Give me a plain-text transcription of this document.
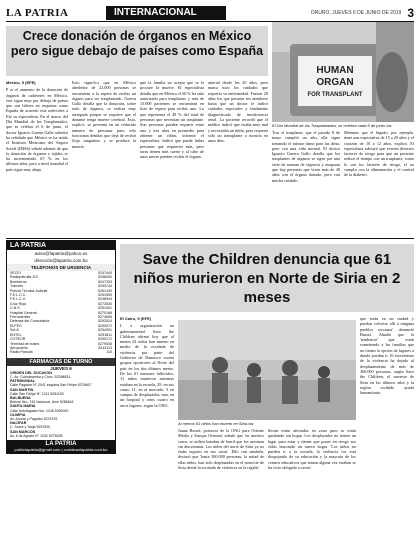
LA PATRIA	INTERNACIONAL	ORURO, JUEVES 6 DE JUNIO DE 2019 3
Crece donación de órganos en México pero sigue debajo de países como España
HUMAN
ORGAN
FOR TRANSPLANT
El Día Mundial de los Trasplantados, se celebra cada 6 de junio./xa
México, 5 (EFE)
P or el aumento de la donación de órganos de cadáveres en México, este signo muy por debajo de países que son líderes en esquema como España de acuerdo este miércoles a Efe su especialista. En el marco del Día Mundial de los Trasplantados, que se celebra el 6 de junio, el doctor Ignacio Guerra Gallo sabedor ha señalado que México se ha unido el Instituto Mexicano del Seguro Social (IMSS) señaló además de que la donación de órganos y tejidos se ha incrementado 67 % en los últimos años, pero a nivel mundial el país sigue muy abajo.
Esto significa que en México alrededor de 22.000 personas se encuentran a la espera de recibir un órgano para ser trasplantado. Guerra Gallo detalla que la donación, sobre todo de órganos, se realiza muy arraigada porque se requiere que el donante tenga muerte cerebral. Esto, explicó, se presenta en un reducido número de personas pues sólo funcionan debidas que deja de recibir flujo sanguíneo y se produce la muerte.
que la familia no acepta que se le procure la muerte. El especialista detalla que en México el 60 % ha sido autorizado para trasplantes y más de 15.000 pacientes se encuentran en lista de espera para recibir uno. Lo que representa el 49 % del total de personas que necesitan un trasplante. Son personas pueden requerir entre uno y tres años en promedio para obtener un riñón, informó el especialista. Indicó que puede haber personas que requieren más, pero otras tienen más suerte y al cabo de unos meses pueden recibir el órgano.
arterial desde los 20 años, pero nunca tuvo los cuidados que requería su enfermedad. Fueron 20 años los que pasaron sin atenderse hasta que un doctor le indicó cuidados especiales y finalmente diagnosticado de insuficiencia renal. La paciente recordó que el médico indicó que estaba muy mal y necesitaba un riñón, pero requería sólo un transplante o moriría en unos días.
Tras el trasplante, que el pasado 8 de mayo cumplió un año, ella sigue tomando el mismo ritmo para las dieta, pero con una vida normal. El doctor Ignacio Guerra Gallo detalla que los trasplantes de órganos se rigen por una serie de normas de vigencia y aseguran que hay personas que viven más de 40 años con el órgano donado, pero con mucha cuidado.
Mientras que el hígado, por ejemplo, tiene una expectativa de 15 a 20 años y el corazón de 10 a 12 años, explicó. El especialista subrayó que existen diversos factores de riesgo para que un paciente reduce el tiempo con un trasplante, como lo son los factores de riesgo, el no cumplir con la alimentación y el control de la diabetes.
LA PATRIA
aviso@lapatria@yahoo.es
dirección@lapatria.com.bo
TELÉFONOS DE URGENCIA
SECEI	5247444
Radiopatrulla 110	5258000
Bomberos	5247333
Tránsito	5253744
Policía Técnica Judicial	5261430
F.E.L.C.C.	5251590
F.E.L.C.V.	5248944
Cruz Roja	5273030
C.N.S.	5251001
Hospital General	5270166
Ferrocarriles	5274605
Defensa del Consumidor	5252524
ELFEO	5250072
SeLA	5254051
ENTEL	5251811
COTEOR	5250172
Terminal de buses	5279535
Aeropuerto	5243113
Radio Patrulla	110
FARMACIAS DE TURNO
JUEVES 6
VIRGEN DEL SOCAVON
C. Av. Cochabamba y Conc. 52398831
PATRIMONIAL
Calle Pagador N° 2041 esquina San Felipe 5276667
SAN MARTIN
Calle San Felipe N° 1241 5251190
BALBUENA
Bolívar Nro. 745 Nacional, Arce 5286616
SANTA MARIA
Calle Antofagasta Nro. 1245 5250090
OLIMPIA
Av. Aroma y Pagador 5237429
NACIFAR
C. Sucre y Tarija 5257820
SAN MARCOS
Av. 6 de Agosto N° 1032 5275528
LA PATRIA
publiclapatria@gmail.com | contabanlapatria.com.bo
Save the Children denuncia que 61 niños murieron en Norte de Siria en 2 meses
El Cairo, 5 (EFE)
L a organización no gubernamental Save the Children afirmó hoy que al menos 61 niños han muerto en medio de la escalada de violencia por parte del Gobierno de Damasco contra grupos opositores al Norte del país en los dos últimos meses. De los 61 menores fallecidos, 11 niños murieron mientras estaban en la escuela, 29, en sus casas, 11, en el mercado, 5 en campos de desplazados, uno, en un hospital y otros cuatro en otros lugares, según la ONG.
Al menos 61 niños han muerto en Siria./xa
Juana Basset, portavoz de la ONG para Oriente Medio y Europa Oriental, señaló que 'en muchos casos, se utilizó bombas de barril que los asesinan sin discriminar. Los niños del norte de Siria ya no están seguros en sus casas'. Ello con también, destacó que 'hasta 300.000 personas, la mitad de ellas niños, han sido desplazadas en el noroeste de Siria desde la escalada de violencia en la región'.
llevan están afectadas en zona pues se están quedando sin hogar. Los desplazados no tienen un lugar para estar y tienen que poner en riesgo sus vidas buscando un nuevo hogar. 'Los niños no pueden ir a la escuela, la violencia los está despojando de su educación y la mayoría de los centros educativos que tenían alguna vez estaban se ha visto obligado a cerrar'.
que están en un ciudad y puedan volverse allí a ninguna pueblos cercanos', denunció Basset. Añadió que la 'tendencia' que están sometiendo a las familias que no tienen la opción de lugares a donde puedan ir. El incremento de la violencia ha dejado al desplazamiento de más de 300.000 personas, según Save the Children, el suroeste de Siria en los últimos años y la región recibido ayuda humanitaria.
